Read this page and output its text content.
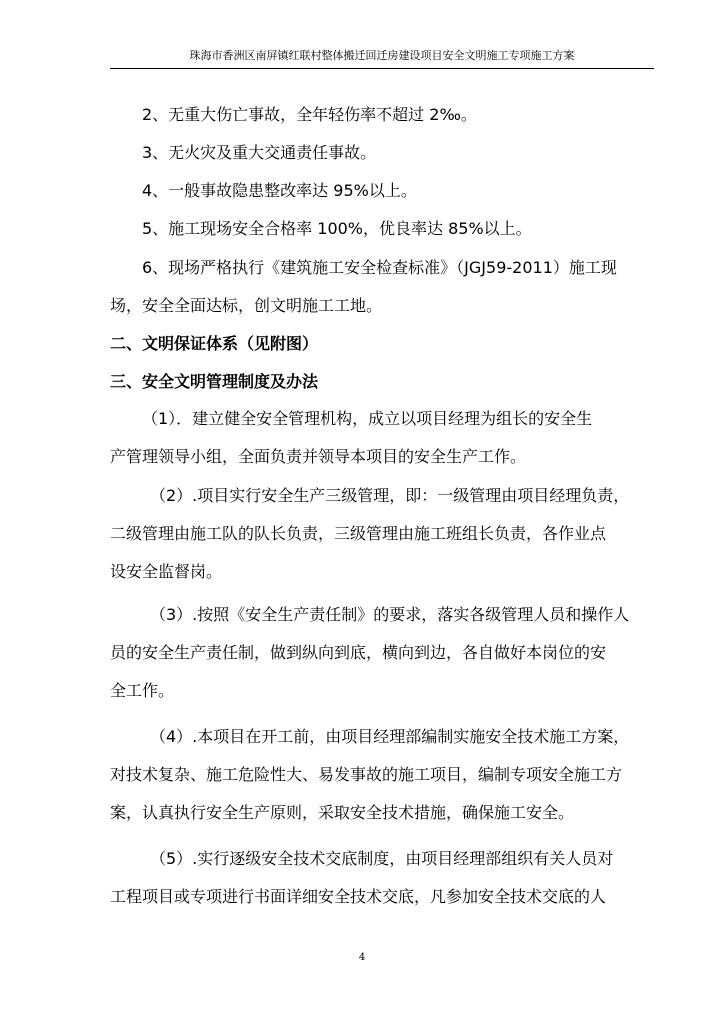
珠海市香洲区南屏镇红联村整体搬迁回迁房建设项目安全文明施工专项施工方案
2、无重大伤亡事故，全年轻伤率不超过 2‰。
3、无火灾及重大交通责任事故。
4、一般事故隐患整改率达 95%以上。
5、施工现场安全合格率 100%，优良率达 85%以上。
6、现场严格执行《建筑施工安全检查标准》（JGJ59-2011）施工现
场，安全全面达标，创文明施工工地。
二、文明保证体系（见附图）
三、安全文明管理制度及办法
（1）．建立健全安全管理机构，成立以项目经理为组长的安全生
产管理领导小组，全面负责并领导本项目的安全生产工作。
（2）.项目实行安全生产三级管理，即：一级管理由项目经理负责，
二级管理由施工队的队长负责，三级管理由施工班组长负责，各作业点
设安全监督岗。
（3）.按照《安全生产责任制》的要求，落实各级管理人员和操作人
员的安全生产责任制，做到纵向到底，横向到边，各自做好本岗位的安
全工作。
（4）.本项目在开工前，由项目经理部编制实施安全技术施工方案，
对技术复杂、施工危险性大、易发事故的施工项目，编制专项安全施工方
案，认真执行安全生产原则，采取安全技术措施，确保施工安全。
（5）.实行逐级安全技术交底制度，由项目经理部组织有关人员对
工程项目或专项进行书面详细安全技术交底，凡参加安全技术交底的人
4
